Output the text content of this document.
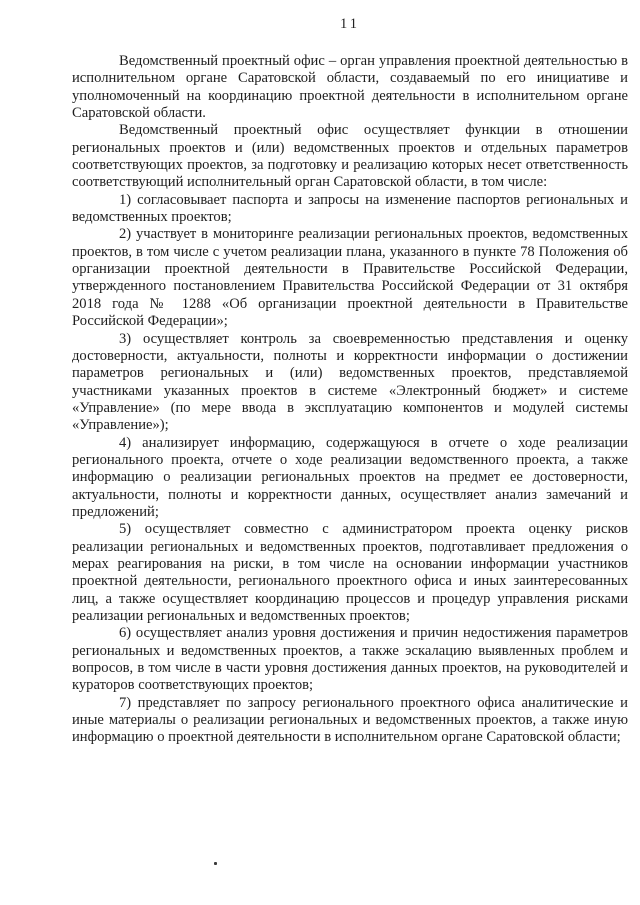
11

Ведомственный проектный офис – орган управления проектной деятельностью в исполнительном органе Саратовской области, создаваемый по его инициативе и уполномоченный на координацию проектной деятельности в исполнительном органе Саратовской области.

Ведомственный проектный офис осуществляет функции в отношении региональных проектов и (или) ведомственных проектов и отдельных параметров соответствующих проектов, за подготовку и реализацию которых несет ответственность соответствующий исполнительный орган Саратовской области, в том числе:

1) согласовывает паспорта и запросы на изменение паспортов региональных и ведомственных проектов;

2) участвует в мониторинге реализации региональных проектов, ведомственных проектов, в том числе с учетом реализации плана, указанного в пункте 78 Положения об организации проектной деятельности в Правительстве Российской Федерации, утвержденного постановлением Правительства Российской Федерации от 31 октября 2018 года № 1288 «Об организации проектной деятельности в Правительстве Российской Федерации»;

3) осуществляет контроль за своевременностью представления и оценку достоверности, актуальности, полноты и корректности информации о достижении параметров региональных и (или) ведомственных проектов, представляемой участниками указанных проектов в системе «Электронный бюджет» и системе «Управление» (по мере ввода в эксплуатацию компонентов и модулей системы «Управление»);

4) анализирует информацию, содержащуюся в отчете о ходе реализации регионального проекта, отчете о ходе реализации ведомственного проекта, а также информацию о реализации региональных проектов на предмет ее достоверности, актуальности, полноты и корректности данных, осуществляет анализ замечаний и предложений;

5) осуществляет совместно с администратором проекта оценку рисков реализации региональных и ведомственных проектов, подготавливает предложения о мерах реагирования на риски, в том числе на основании информации участников проектной деятельности, регионального проектного офиса и иных заинтересованных лиц, а также осуществляет координацию процессов и процедур управления рисками реализации региональных и ведомственных проектов;

6) осуществляет анализ уровня достижения и причин недостижения параметров региональных и ведомственных проектов, а также эскалацию выявленных проблем и вопросов, в том числе в части уровня достижения данных проектов, на руководителей и кураторов соответствующих проектов;

7) представляет по запросу регионального проектного офиса аналитические и иные материалы о реализации региональных и ведомственных проектов, а также иную информацию о проектной деятельности в исполнительном органе Саратовской области;
